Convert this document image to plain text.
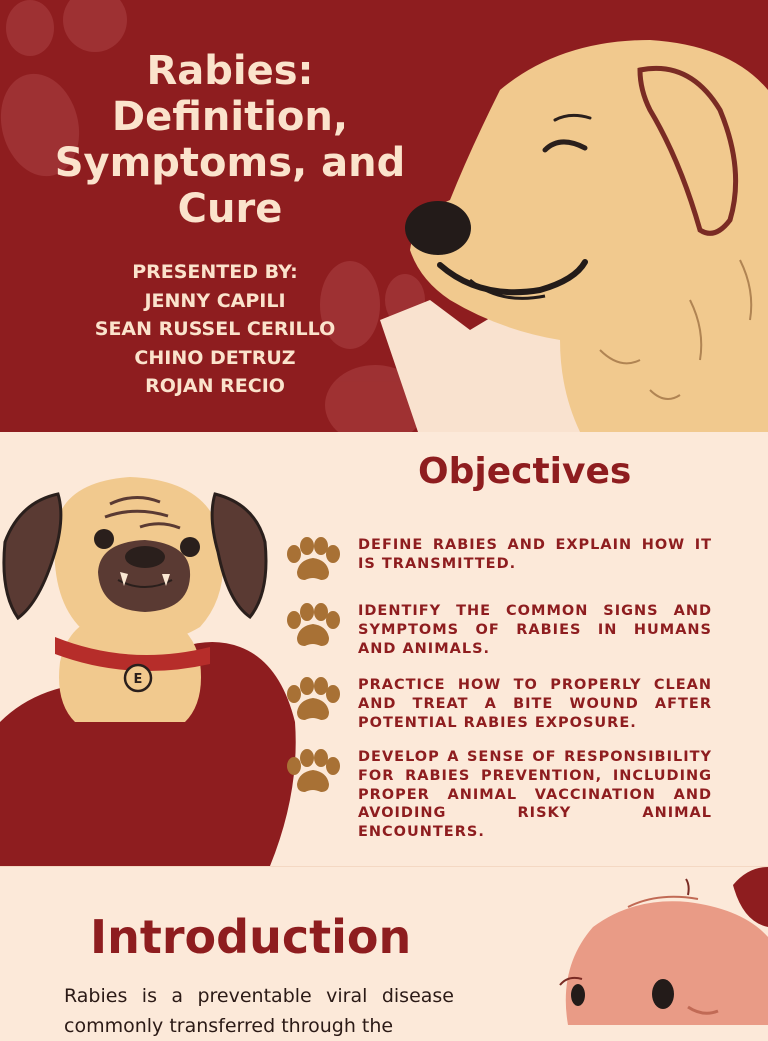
Rabies:
Definition,
Symptoms, and
Cure
PRESENTED BY:
JENNY CAPILI
SEAN RUSSEL CERILLO
CHINO DETRUZ
ROJAN RECIO
E
Objectives
DEFINE RABIES AND EXPLAIN HOW IT IS TRANSMITTED.
IDENTIFY THE COMMON SIGNS AND SYMPTOMS OF RABIES IN HUMANS AND ANIMALS.
PRACTICE HOW TO PROPERLY CLEAN AND TREAT A BITE WOUND AFTER POTENTIAL RABIES EXPOSURE.
DEVELOP A SENSE OF RESPONSIBILITY FOR RABIES PREVENTION, INCLUDING PROPER ANIMAL VACCINATION AND AVOIDING RISKY ANIMAL ENCOUNTERS.
Introduction

Rabies is a preventable viral disease commonly transferred through the
